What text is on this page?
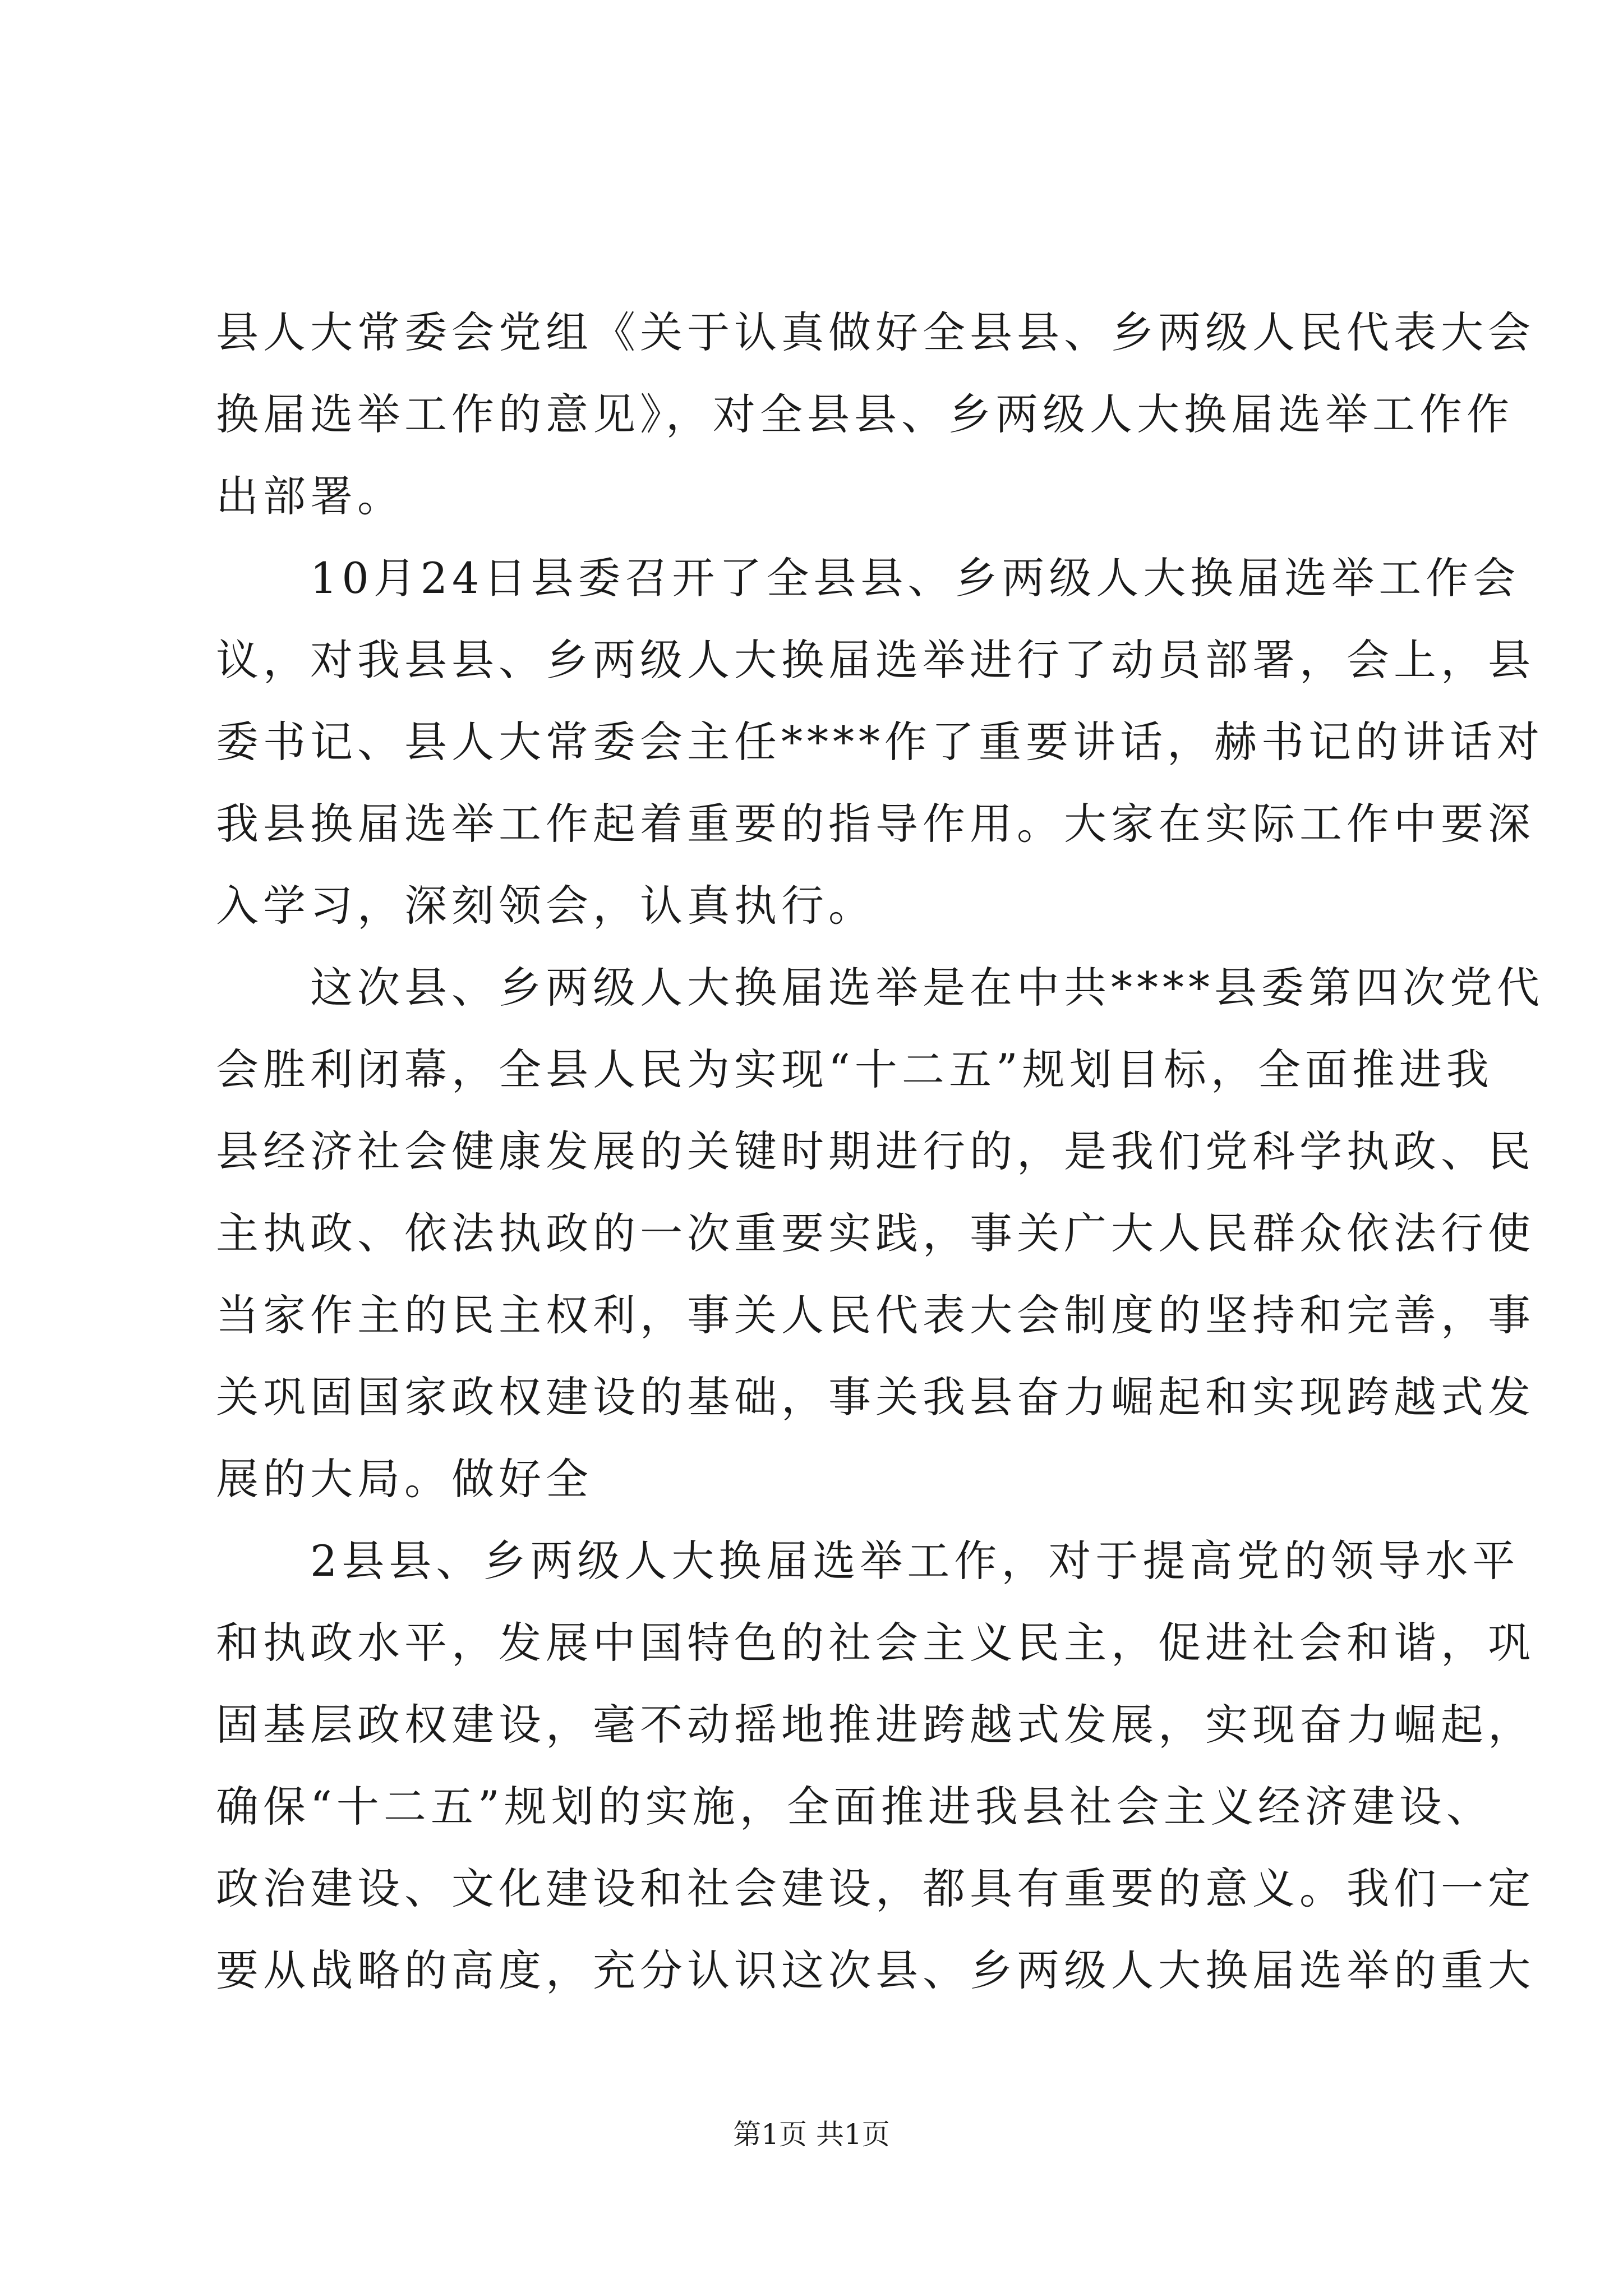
县人大常委会党组《关于认真做好全县县、乡两级人民代表大会
换届选举工作的意见》，对全县县、乡两级人大换届选举工作作
出部署。
10月24日县委召开了全县县、乡两级人大换届选举工作会
议，对我县县、乡两级人大换届选举进行了动员部署，会上，县
委书记、县人大常委会主任****作了重要讲话，赫书记的讲话对
我县换届选举工作起着重要的指导作用。大家在实际工作中要深
入学习，深刻领会，认真执行。
这次县、乡两级人大换届选举是在中共****县委第四次党代
会胜利闭幕，全县人民为实现“十二五”规划目标，全面推进我
县经济社会健康发展的关键时期进行的，是我们党科学执政、民
主执政、依法执政的一次重要实践，事关广大人民群众依法行使
当家作主的民主权利，事关人民代表大会制度的坚持和完善，事
关巩固国家政权建设的基础，事关我县奋力崛起和实现跨越式发
展的大局。做好全
2县县、乡两级人大换届选举工作，对于提高党的领导水平
和执政水平，发展中国特色的社会主义民主，促进社会和谐，巩
固基层政权建设，毫不动摇地推进跨越式发展，实现奋力崛起，
确保“十二五”规划的实施，全面推进我县社会主义经济建设、
政治建设、文化建设和社会建设，都具有重要的意义。我们一定
要从战略的高度，充分认识这次县、乡两级人大换届选举的重大
第1页 共1页
